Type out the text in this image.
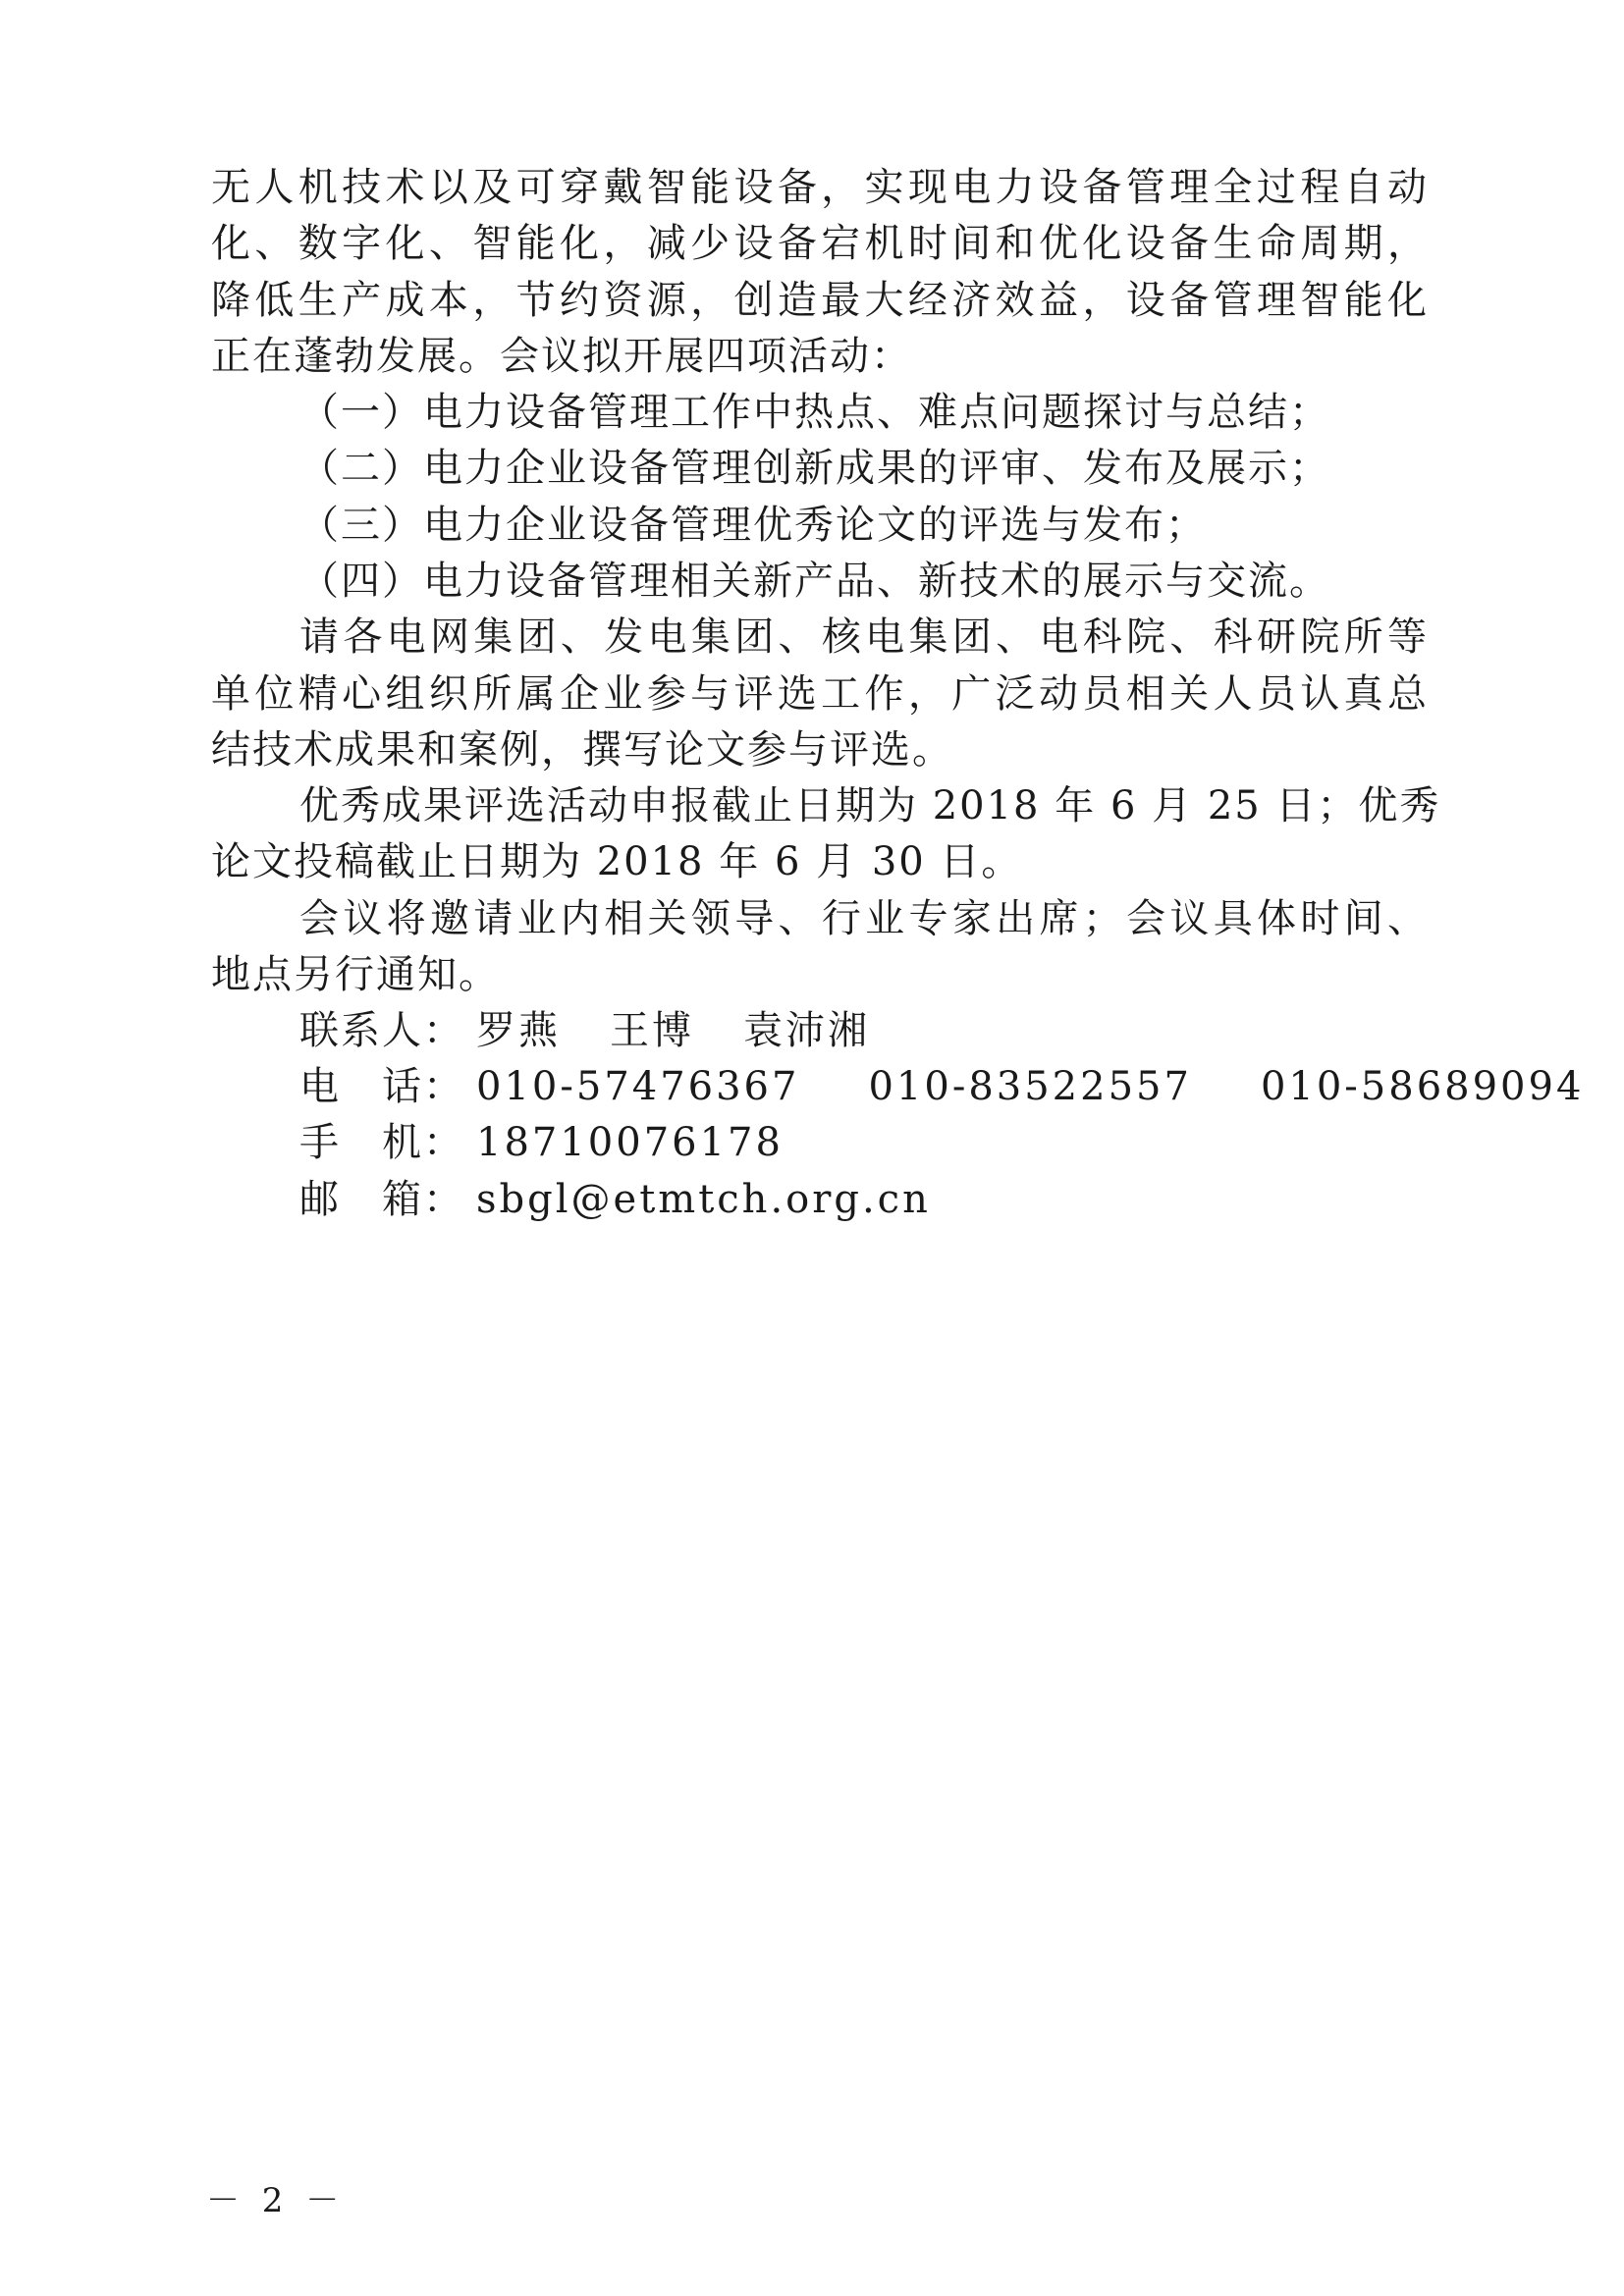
无人机技术以及可穿戴智能设备，实现电力设备管理全过程自动
化、数字化、智能化，减少设备宕机时间和优化设备生命周期，
降低生产成本，节约资源，创造最大经济效益，设备管理智能化
正在蓬勃发展。会议拟开展四项活动：
（一）电力设备管理工作中热点、难点问题探讨与总结；
（二）电力企业设备管理创新成果的评审、发布及展示；
（三）电力企业设备管理优秀论文的评选与发布；
（四）电力设备管理相关新产品、新技术的展示与交流。
请各电网集团、发电集团、核电集团、电科院、科研院所等
单位精心组织所属企业参与评选工作，广泛动员相关人员认真总
结技术成果和案例，撰写论文参与评选。
优秀成果评选活动申报截止日期为 2018 年 6 月 25 日；优秀
论文投稿截止日期为 2018 年 6 月 30 日。
会议将邀请业内相关领导、行业专家出席；会议具体时间、
地点另行通知。
联系人： 罗燕 王博 袁沛湘
电　话： 010-57476367 010-83522557 010-58689094
手　机： 18710076178
邮　箱： sbgl@etmtch.org.cn
－ 2 －
